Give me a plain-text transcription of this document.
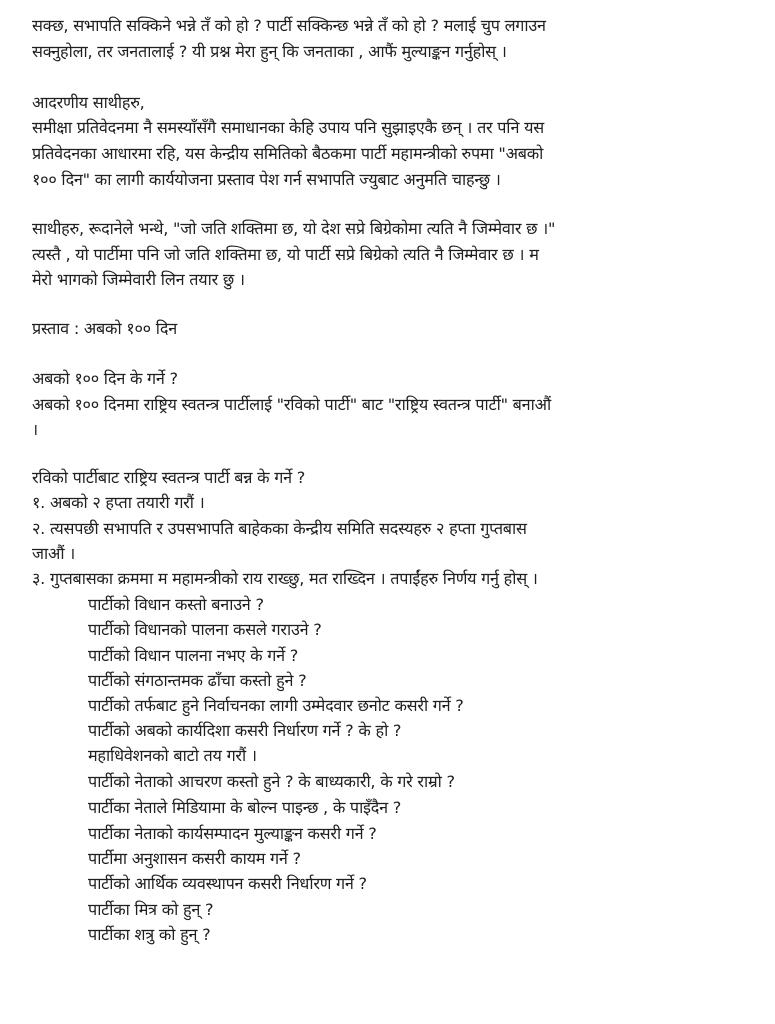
सक्छ, सभापति सक्किने भन्ने तँ को हो ? पार्टी सक्किन्छ भन्ने तँ को हो ? मलाई चुप लगाउन
सक्नुहोला, तर जनतालाई ? यी प्रश्न मेरा हुन् कि जनताका , आफैं मुल्याङ्कन गर्नुहोस् ।
आदरणीय साथीहरु,
समीक्षा प्रतिवेदनमा नै समस्याँसँगै समाधानका केहि उपाय पनि सुझाइएकै छन् । तर पनि यस
प्रतिवेदनका आधारमा रहि, यस केन्द्रीय समितिको बैठकमा पार्टी महामन्त्रीको रुपमा "अबको
१०० दिन" का लागी कार्ययोजना प्रस्ताव पेश गर्न सभापति ज्युबाट अनुमति चाहन्छु ।
साथीहरु, रूदानेले भन्थे, "जो जति शक्तिमा छ, यो देश सप्रे बिग्रेकोमा त्यति नै जिम्मेवार छ ।"
त्यस्तै , यो पार्टीमा पनि जो जति शक्तिमा छ, यो पार्टी सप्रे बिग्रेको त्यति नै जिम्मेवार छ । म
मेरो भागको जिम्मेवारी लिन तयार छु ।
प्रस्ताव : अबको १०० दिन
अबको १०० दिन के गर्ने ?
अबको १०० दिनमा राष्ट्रिय स्वतन्त्र पार्टीलाई "रविको पार्टी" बाट "राष्ट्रिय स्वतन्त्र पार्टी" बनाऔं
।
रविको पार्टीबाट राष्ट्रिय स्वतन्त्र पार्टी बन्न के गर्ने ?
१. अबको २ हप्ता तयारी गरौं ।
२. त्यसपछी सभापति र उपसभापति बाहेकका केन्द्रीय समिति सदस्यहरु २ हप्ता गुप्तबास
जाऔं ।
३. गुप्तबासका क्रममा म महामन्त्रीको राय राख्छु, मत राख्दिन । तपाईंहरु निर्णय गर्नु होस् ।
पार्टीको विधान कस्तो बनाउने ?
पार्टीको विधानको पालना कसले गराउने ?
पार्टीको विधान पालना नभए के गर्ने ?
पार्टीको संगठान्तमक ढाँचा कस्तो हुने ?
पार्टीको तर्फबाट हुने निर्वाचनका लागी उम्मेदवार छनोट कसरी गर्ने ?
पार्टीको अबको कार्यदिशा कसरी निर्धारण गर्ने ? के हो ?
महाधिवेशनको बाटो तय गरौं ।
पार्टीको नेताको आचरण कस्तो हुने ? के बाध्यकारी, के गरे राम्रो ?
पार्टीका नेताले मिडियामा के बोल्न पाइन्छ , के पाइँदैन ?
पार्टीका नेताको कार्यसम्पादन मुल्याङ्कन कसरी गर्ने ?
पार्टीमा अनुशासन कसरी कायम गर्ने ?
पार्टीको आर्थिक व्यवस्थापन कसरी निर्धारण गर्ने ?
पार्टीका मित्र को हुन् ?
पार्टीका शत्रु को हुन् ?
